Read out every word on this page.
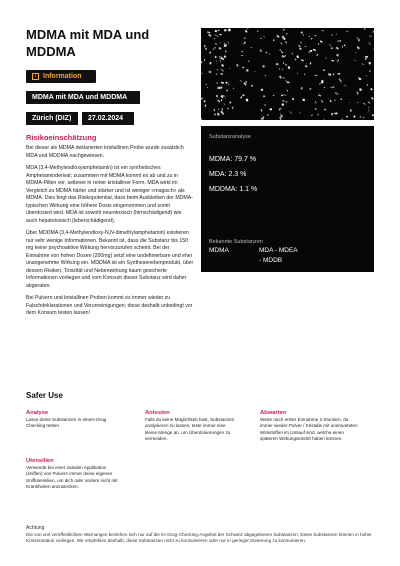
MDMA mit MDA und MDDMA
i Information
MDMA mit MDA und MDDMA
Zürich (DIZ)	27.02.2024
Risikoeinschätzung

Bei dieser als MDMA deklarierten kristallinen Probe wurde zusätzlich MDA und MDDMA nachgewiesen.

MDA (3,4-Methylendioxyamphetamin) ist ein synthetisches Amphetaminderivat; zusammen mit MDMA kommt es ab und zu in MDMA-Pillen vor, seltener in reiner kristalliner Form. MDA wirkt im Vergleich zu MDMA härter und stärker und ist weniger «magisch» als MDMA. Dies birgt das Risikopotential, dass beim Ausbleiben der MDMA-typischen Wirkung eine höhere Dosis eingenommen und somit überdosiert wird. MDA ist sowohl neurotoxisch (hirnschädigend) wie auch hepatotoxisch (leberschädigend).

Über MDDMA (3,4-Methylendioxy-N,N-dimethylamphetamin) existieren nur sehr wenige Informationen. Bekannt ist, dass die Substanz bis 150 mg keine psychoaktive Wirkung hervorzurufen scheint. Bei der Einnahme von hohen Dosen (200mg) setzt eine undefinierbare und eher unangenehme Wirkung ein. MDDMA ist ein Synthesenebenprodukt, über dessen Risiken, Toxizität und Nebenwirkung kaum gesicherte Informationen vorliegen und vom Konsum dieser Substanz wird daher abgeraten.

Bei Pulvern und kristallinen Proben kommt es immer wieder zu Falschdeklarationen und Verunreinigungen; diese deshalb unbedingt vor dem Konsum testen lassen!

Substanzanalyse
MDMA: 79.7 %
MDA: 2.3 %
MDDMA: 1.1 %
Bekannte Substanzen
MDMA	MDA - MDEA
- MDDB
Safer Use
Analyse
Lasse deine Substanzen in einem Drug Checking testen
Antesten
Falls du keine Möglichkeit hast, Substanzen analysieren zu lassen, teste immer eine kleine Menge an, um Überdosierungen zu vermeiden.
Abwarten
Warte nach erster Einnahme 2 Stunden, da immer wieder Pulver / Kristalle mit unerwarteten Wirkstoffen im Umlauf sind, welche einen späteren Wirkungseintritt haben können.
Utensilien
Verwende bei einer nasalen Applikation (sniffen) von Pulvern immer deine eigenen Sniffutensilien, um dich oder andere nicht mit Krankheiten anzustecken.
Achtung
Die von uns veröffentlichten Warnungen beziehen sich nur auf die im Drug-Checking-Angebot der Schweiz abgegebenen Substanzen. Diese Substanzen können in hoher Konzentration vorliegen. Wir empfehlen deshalb, diese Substanzen nicht zu konsumieren oder nur in geringer Dosierung zu konsumieren.
